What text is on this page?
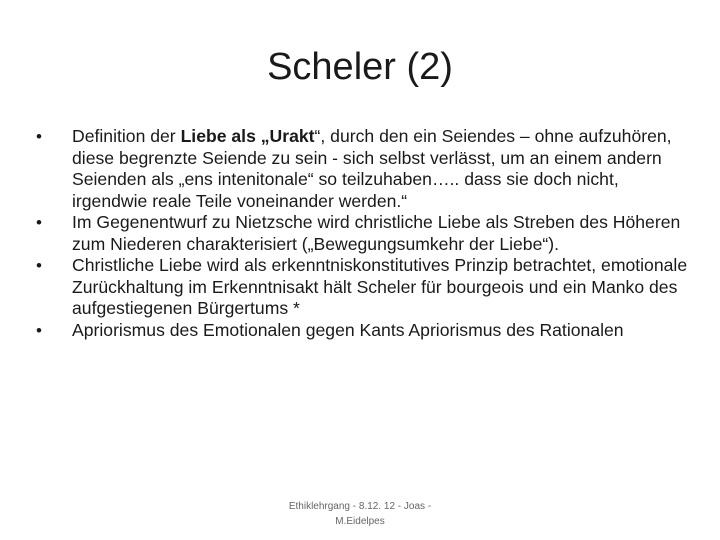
Scheler (2)
•	Definition der Liebe als „Urakt“, durch den ein Seiendes – ohne aufzuhören, diese begrenzte Seiende zu sein - sich selbst verlässt, um an einem andern Seienden als „ens intenitonale“ so teilzuhaben….. dass sie doch nicht, irgendwie reale Teile voneinander werden.“
•	Im Gegenentwurf zu Nietzsche wird christliche Liebe als Streben des Höheren zum Niederen charakterisiert („Bewegungsumkehr der Liebe“).
•	Christliche Liebe wird als erkenntniskonstitutives Prinzip betrachtet, emotionale Zurückhaltung im Erkenntnisakt hält Scheler für bourgeois und ein Manko des aufgestiegenen Bürgertums *
•	Apriorismus des Emotionalen gegen Kants Apriorismus des Rationalen
Ethiklehrgang - 8.12. 12 - Joas -
M.Eidelpes
